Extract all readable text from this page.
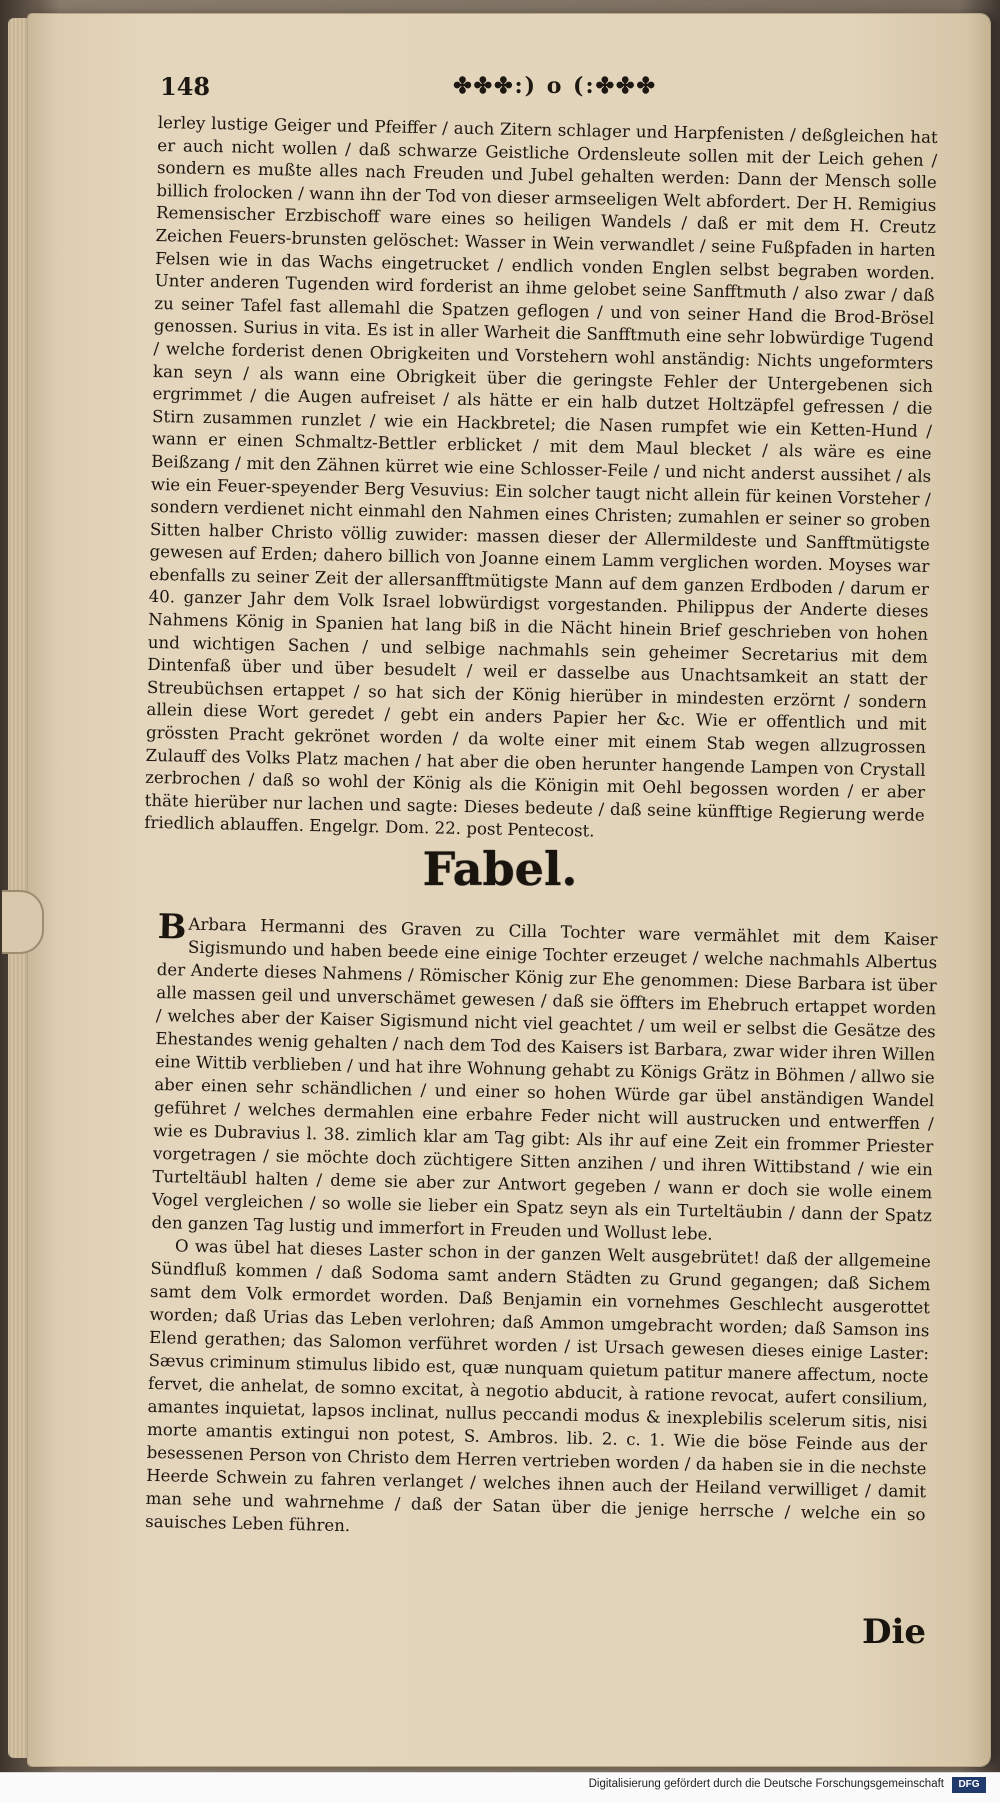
148	✤✤✤:) o (:✤✤✤

lerley lustige Geiger und Pfeiffer / auch Zitern schlager und Harpfenisten / deßgleichen hat er auch nicht wollen / daß schwarze Geistliche Ordensleute sollen mit der Leich gehen / sondern es mußte alles nach Freuden und Jubel gehalten werden: Dann der Mensch solle billich frolocken / wann ihn der Tod von dieser armseeligen Welt abfordert. Der H. Remigius Remensischer Erzbischoff ware eines so heiligen Wandels / daß er mit dem H. Creutz Zeichen Feuers-brunsten gelöschet: Wasser in Wein verwandlet / seine Fußpfaden in harten Felsen wie in das Wachs eingetrucket / endlich vonden Englen selbst begraben worden. Unter anderen Tugenden wird forderist an ihme gelobet seine Sanfftmuth / also zwar / daß zu seiner Tafel fast allemahl die Spatzen geflogen / und von seiner Hand die Brod-Brösel genossen. Surius in vita. Es ist in aller Warheit die Sanfftmuth eine sehr lobwürdige Tugend / welche forderist denen Obrigkeiten und Vorstehern wohl anständig: Nichts ungeformters kan seyn / als wann eine Obrigkeit über die geringste Fehler der Untergebenen sich ergrimmet / die Augen aufreiset / als hätte er ein halb dutzet Holtzäpfel gefressen / die Stirn zusammen runzlet / wie ein Hackbretel; die Nasen rumpfet wie ein Ketten-Hund / wann er einen Schmaltz-Bettler erblicket / mit dem Maul blecket / als wäre es eine Beißzang / mit den Zähnen kürret wie eine Schlosser-Feile / und nicht anderst aussihet / als wie ein Feuer-speyender Berg Vesuvius: Ein solcher taugt nicht allein für keinen Vorsteher / sondern verdienet nicht einmahl den Nahmen eines Christen; zumahlen er seiner so groben Sitten halber Christo völlig zuwider: massen dieser der Allermildeste und Sanfftmütigste gewesen auf Erden; dahero billich von Joanne einem Lamm verglichen worden. Moyses war ebenfalls zu seiner Zeit der allersanfftmütigste Mann auf dem ganzen Erdboden / darum er 40. ganzer Jahr dem Volk Israel lobwürdigst vorgestanden. Philippus der Anderte dieses Nahmens König in Spanien hat lang biß in die Nächt hinein Brief geschrieben von hohen und wichtigen Sachen / und selbige nachmahls sein geheimer Secretarius mit dem Dintenfaß über und über besudelt / weil er dasselbe aus Unachtsamkeit an statt der Streubüchsen ertappet / so hat sich der König hierüber in mindesten erzörnt / sondern allein diese Wort geredet / gebt ein anders Papier her &c. Wie er offentlich und mit grössten Pracht gekrönet worden / da wolte einer mit einem Stab wegen allzugrossen Zulauff des Volks Platz machen / hat aber die oben herunter hangende Lampen von Crystall zerbrochen / daß so wohl der König als die Königin mit Oehl begossen worden / er aber thäte hierüber nur lachen und sagte: Dieses bedeute / daß seine künfftige Regierung werde friedlich ablauffen. Engelgr. Dom. 22. post Pentecost.

Fabel.

B Arbara Hermanni des Graven zu Cilla Tochter ware vermählet mit dem Kaiser Sigismundo und haben beede eine einige Tochter erzeuget / welche nachmahls Albertus der Anderte dieses Nahmens / Römischer König zur Ehe genommen: Diese Barbara ist über alle massen geil und unverschämet gewesen / daß sie öffters im Ehebruch ertappet worden / welches aber der Kaiser Sigismund nicht viel geachtet / um weil er selbst die Gesätze des Ehestandes wenig gehalten / nach dem Tod des Kaisers ist Barbara, zwar wider ihren Willen eine Wittib verblieben / und hat ihre Wohnung gehabt zu Königs Grätz in Böhmen / allwo sie aber einen sehr schändlichen / und einer so hohen Würde gar übel anständigen Wandel geführet / welches dermahlen eine erbahre Feder nicht will austrucken und entwerffen / wie es Dubravius l. 38. zimlich klar am Tag gibt: Als ihr auf eine Zeit ein frommer Priester vorgetragen / sie möchte doch züchtigere Sitten anzihen / und ihren Wittibstand / wie ein Turteltäubl halten / deme sie aber zur Antwort gegeben / wann er doch sie wolle einem Vogel vergleichen / so wolle sie lieber ein Spatz seyn als ein Turteltäubin / dann der Spatz den ganzen Tag lustig und immerfort in Freuden und Wollust lebe.

O was übel hat dieses Laster schon in der ganzen Welt ausgebrütet! daß der allgemeine Sündfluß kommen / daß Sodoma samt andern Städten zu Grund gegangen; daß Sichem samt dem Volk ermordet worden. Daß Benjamin ein vornehmes Geschlecht ausgerottet worden; daß Urias das Leben verlohren; daß Ammon umgebracht worden; daß Samson ins Elend gerathen; das Salomon verführet worden / ist Ursach gewesen dieses einige Laster: Sævus criminum stimulus libido est, quæ nunquam quietum patitur manere affectum, nocte fervet, die anhelat, de somno excitat, à negotio abducit, à ratione revocat, aufert consilium, amantes inquietat, lapsos inclinat, nullus peccandi modus & inexplebilis scelerum sitis, nisi morte amantis extingui non potest, S. Ambros. lib. 2. c. 1. Wie die böse Feinde aus der besessenen Person von Christo dem Herren vertrieben worden / da haben sie in die nechste Heerde Schwein zu fahren verlanget / welches ihnen auch der Heiland verwilliget / damit man sehe und wahrnehme / daß der Satan über die jenige herrsche / welche ein so sauisches Leben führen.

Die
Digitalisierung gefördert durch die Deutsche Forschungsgemeinschaft	DFG
